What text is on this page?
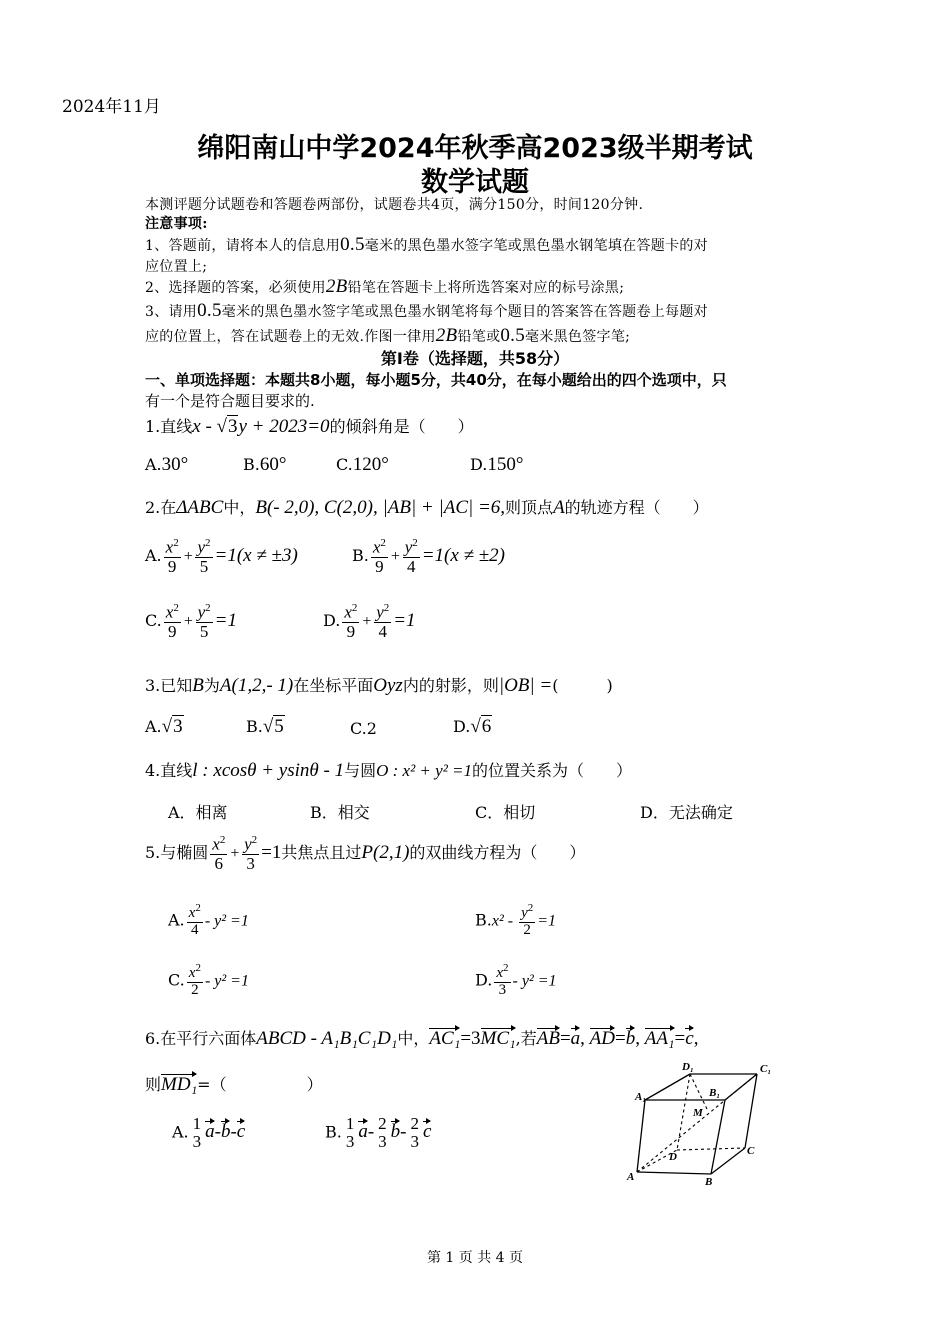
2024年11月
绵阳南山中学2024年秋季高2023级半期考试
数学试题
本测评题分试题卷和答题卷两部份，试题卷共4页，满分150分，时间120分钟.
注意事项:
1、答题前，请将本人的信息用0.5毫米的黑色墨水签字笔或黑色墨水钢笔填在答题卡的对
应位置上;
2、选择题的答案，必须使用2B铅笔在答题卡上将所选答案对应的标号涂黑;
3、请用0.5毫米的黑色墨水签字笔或黑色墨水钢笔将每个题目的答案答在答题卷上每题对
应的位置上，答在试题卷上的无效.作图一律用2B铅笔或0.5毫米黑色签字笔;
第Ⅰ卷（选择题，共58分）
一、单项选择题：本题共8小题，每小题5分，共40分，在每小题给出的四个选项中，只
有一个是符合题目要求的.
1.直线x - √3y + 2023=0的倾斜角是（　　）
A.30°	B.60°	C.120°	D.150°
2.在ΔABC中，B(- 2,0), C(2,0), |AB| + |AC| =6,则顶点A的轨迹方程（　　）
A. $\frac{x^2}{9} + \frac{y^2}{5} =1(x \ne \pm 3)$	B. $\frac{x^2}{9} + \frac{y^2}{4} =1(x \ne \pm 2)$
C. $\frac{x^2}{9} + \frac{y^2}{5} =1$	D. $\frac{x^2}{9} + \frac{y^2}{4} =1$
3.已知B为A(1,2,- 1)在坐标平面Oyz内的射影，则|OB| =(　　　)
A.√3	B.√5	C.2	D.√6
4.直线l : xcosθ + ysinθ - 1与圆O : x² + y² =1的位置关系为（　　）
A．相离	B．相交	C．相切	D．无法确定
5.与椭圆 $\frac{x^2}{6} + \frac{y^2}{3} =1$共焦点且过P(2,1)的双曲线方程为（　　）
A. $\frac{x^2}{4} - y^2 =1$	$B.x^2 - \frac{y^2}{2} =1$
C. $\frac{x^2}{2} - y^2 =1$	D. $\frac{x^2}{3} - y^2 =1$
6.在平行六面体ABCD - A₁B₁C₁D₁中，AC₁=3MC₁,若AB=a, AD=b, AA₁=c,
则MD₁=（　　　　　）
A. 1
3 a-b-c	B. 1
3 a- 2
3 b- 2
3 c
D₁	C₁
A₁	B₁
M
D	C
A	B
第 1 页 共 4 页
